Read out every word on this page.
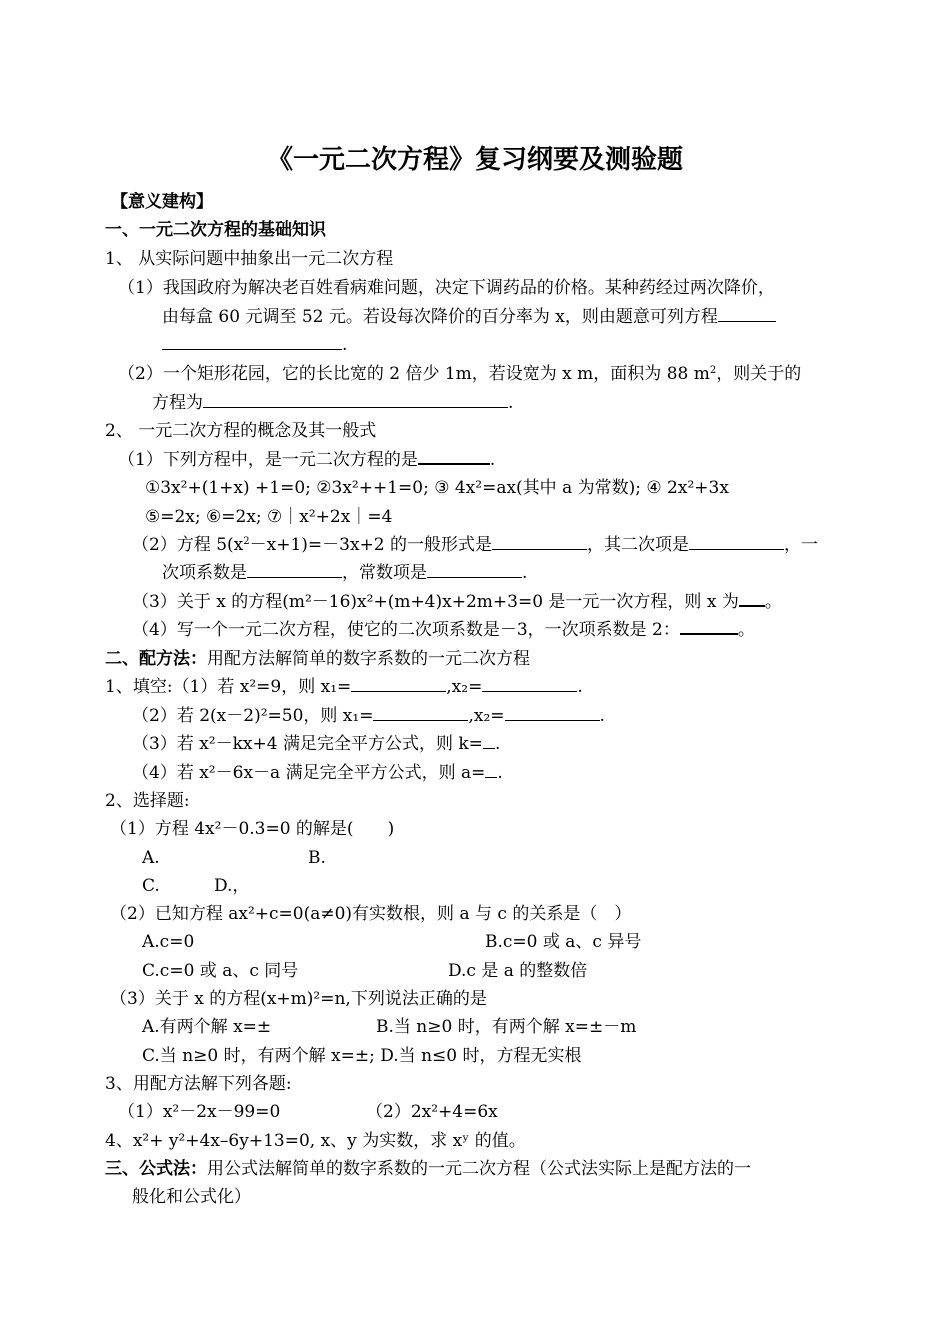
《一元二次方程》复习纲要及测验题
【意义建构】
一、一元二次方程的基础知识
1、 从实际问题中抽象出一元二次方程
（1）我国政府为解决老百姓看病难问题，决定下调药品的价格。某种药经过两次降价，
由每盒 60 元调至 52 元。若设每次降价的百分率为 x，则由题意可列方程
.
（2）一个矩形花园，它的长比宽的 2 倍少 1m，若设宽为 x m，面积为 88 $m^2$，则关于的
方程为	.
2、 一元二次方程的概念及其一般式
（1）下列方程中，是一元二次方程的是	.
①3x²+(1+x) +1=0; ②3x²++1=0; ③ 4x²=ax(其中 a 为常数); ④ 2x²+3x
⑤=2x; ⑥=2x; ⑦｜x²+2x｜=4
（2）方程 $5(x^2-x+1)=-3x+2$ 的一般形式是	，其二次项是	，一
次项系数是	，常数项是	.
（3）关于 x 的方程(m²－16)x²+(m+4)x+2m+3=0 是一元一次方程，则 x 为 。
（4）写一个一元二次方程，使它的二次项系数是－3，一次项系数是 2：	。
二、配方法：用配方法解简单的数字系数的一元二次方程
1、填空:（1）若 x²=9，则 x₁=	,x₂=	.
（2）若 2(x－2)²=50，则 x₁=	,x₂=	.
（3）若 x²－kx+4 满足完全平方公式，则 k= .
（4）若 x²－6x－a 满足完全平方公式，则 a= .
2、选择题:
（1）方程 4x²－0.3=0 的解是(　　)
A.	B.
C.	D.，
（2）已知方程 ax²+c=0(a≠0)有实数根，则 a 与 c 的关系是（　）
A.c=0	B.c=0 或 a、c 异号
C.c=0 或 a、c 同号	D.c 是 a 的整数倍
（3）关于 x 的方程(x+m)²=n,下列说法正确的是
A.有两个解 x=±	B.当 n≥0 时，有两个解 x=±－m
C.当 n≥0 时，有两个解 x=±; D.当 n≤0 时，方程无实根
3、用配方法解下列各题:
（1）x²－2x－99=0	（2）2x²+4=6x
4、x²+ y²+4x–6y+13=0, x、y 为实数，求 xʸ 的值。
三、公式法：用公式法解简单的数字系数的一元二次方程（公式法实际上是配方法的一
般化和公式化）
